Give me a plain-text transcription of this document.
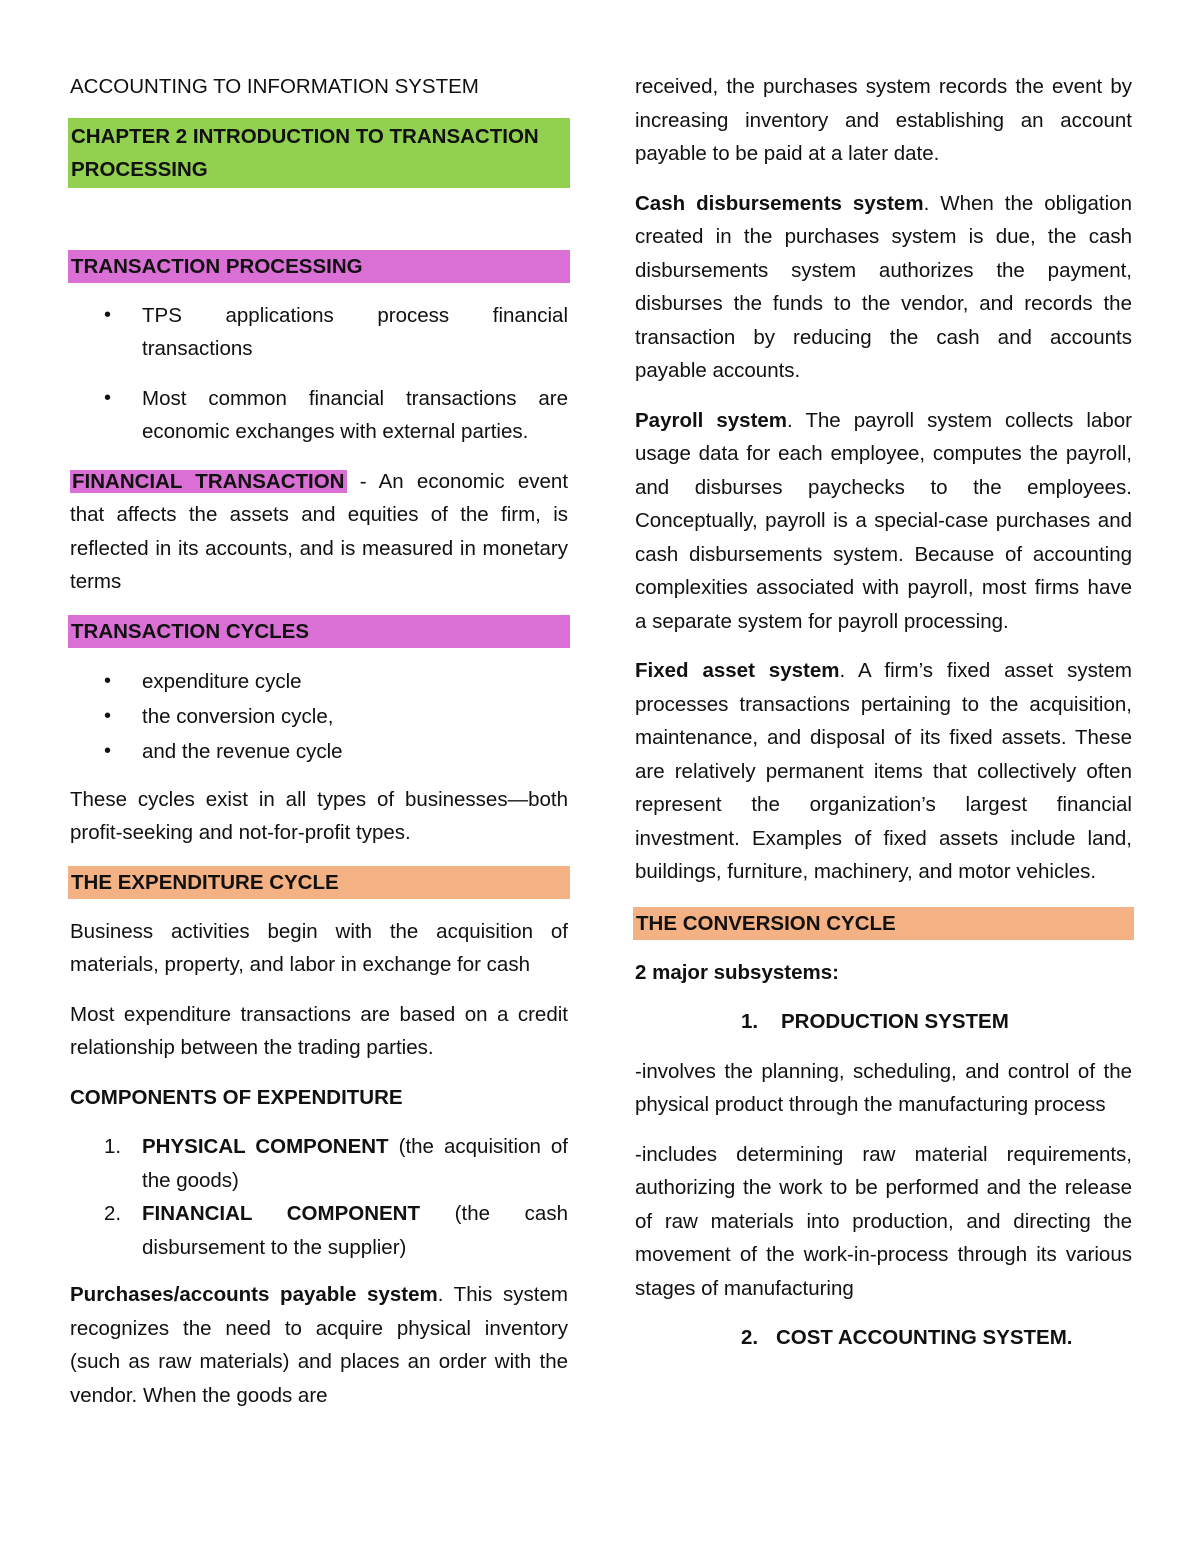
ACCOUNTING TO INFORMATION SYSTEM

CHAPTER 2 INTRODUCTION TO TRANSACTION PROCESSING
TRANSACTION PROCESSING
• TPS applications process financial transactions
• Most common financial transactions are economic exchanges with external parties.

FINANCIAL TRANSACTION - An economic event that affects the assets and equities of the firm, is reflected in its accounts, and is measured in monetary terms

TRANSACTION CYCLES
• expenditure cycle
• the conversion cycle,
• and the revenue cycle

These cycles exist in all types of businesses—both profit-seeking and not-for-profit types.

THE EXPENDITURE CYCLE

Business activities begin with the acquisition of materials, property, and labor in exchange for cash

Most expenditure transactions are based on a credit relationship between the trading parties.

COMPONENTS OF EXPENDITURE

1. PHYSICAL COMPONENT (the acquisition of the goods)
2. FINANCIAL COMPONENT (the cash disbursement to the supplier)

Purchases/accounts payable system. This system recognizes the need to acquire physical inventory (such as raw materials) and places an order with the vendor. When the goods are

received, the purchases system records the event by increasing inventory and establishing an account payable to be paid at a later date.

Cash disbursements system. When the obligation created in the purchases system is due, the cash disbursements system authorizes the payment, disburses the funds to the vendor, and records the transaction by reducing the cash and accounts payable accounts.

Payroll system. The payroll system collects labor usage data for each employee, computes the payroll, and disburses paychecks to the employees. Conceptually, payroll is a special-case purchases and cash disbursements system. Because of accounting complexities associated with payroll, most firms have a separate system for payroll processing.

Fixed asset system. A firm’s fixed asset system processes transactions pertaining to the acquisition, maintenance, and disposal of its fixed assets. These are relatively permanent items that collectively often represent the organization’s largest financial investment. Examples of fixed assets include land, buildings, furniture, machinery, and motor vehicles.

THE CONVERSION CYCLE

2 major subsystems:

1. PRODUCTION SYSTEM

-involves the planning, scheduling, and control of the physical product through the manufacturing process

-includes determining raw material requirements, authorizing the work to be performed and the release of raw materials into production, and directing the movement of the work-in-process through its various stages of manufacturing

2. COST ACCOUNTING SYSTEM.
